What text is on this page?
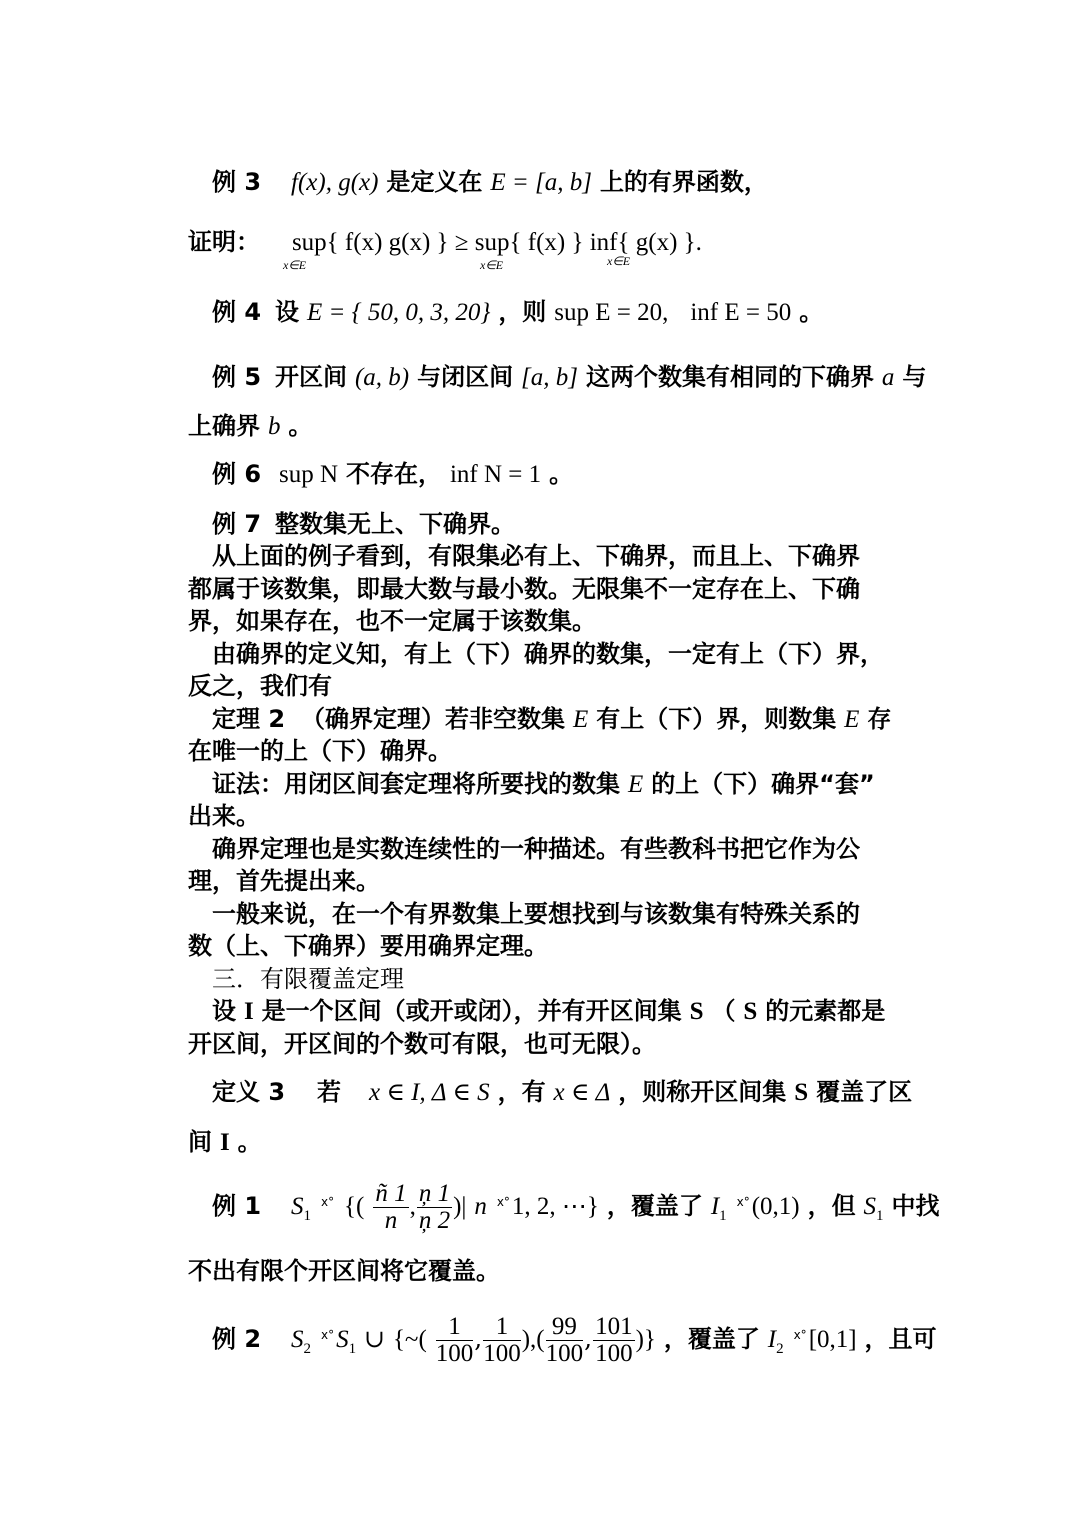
例 3 f(x), g(x) 是定义在 E = [a, b] 上的有界函数，
证明： sup{ f(x) g(x) } ≥ sup{ f(x) } inf{ g(x) }.
x∈E	x∈E	x∈E
例 4 设 E = { 50, 0, 3, 20} ，则 sup E = 20, inf E = 50 。
例 5 开区间 (a, b) 与闭区间 [a, b] 这两个数集有相同的下确界 a 与
上确界 b 。
例 6 sup N 不存在， inf N = 1 。
例 7 整数集无上、下确界。
从上面的例子看到，有限集必有上、下确界，而且上、下确界
都属于该数集，即最大数与最小数。无限集不一定存在上、下确
界，如果存在，也不一定属于该数集。
由确界的定义知，有上（下）确界的数集，一定有上（下）界，
反之，我们有
定理 2 （确界定理）若非空数集 E 有上（下）界，则数集 E 存
在唯一的上（下）确界。
证法：用闭区间套定理将所要找的数集 E 的上（下）确界“套”
出来。
确界定理也是实数连续性的一种描述。有些教科书把它作为公
理，首先提出来。
一般来说，在一个有界数集上要想找到与该数集有特殊关系的
数（上、下确界）要用确界定理。
三．有限覆盖定理
设 I 是一个区间（或开或闭），并有开区间集 S （ S 的元素都是
开区间，开区间的个数可有限，也可无限）。
定义 3 若 x ∈ I, Δ ∈ S ，有 x ∈ Δ ，则称开区间集 S 覆盖了区
间 I 。
例 1 $S_1$ $^{x^\circ}$ {( $\frac{ñ 1}{n}$ , $\frac{ņ 1}{ņ 2}$ )| n $^{x^\circ}$1, 2, ⋯} ，覆盖了 $I_1$ $^{x^\circ}$(0,1) ，但 $S_1$ 中找
不出有限个开区间将它覆盖。
例 2 $S_2$ $^{x^\circ}S_1$ ∪ {~( $\frac{1}{100}$ , $\frac{1}{100}$ ),( $\frac{99}{100}$ , $\frac{101}{100}$ )} ，覆盖了 $I_2$ $^{x^\circ}$[0,1] ，且可
